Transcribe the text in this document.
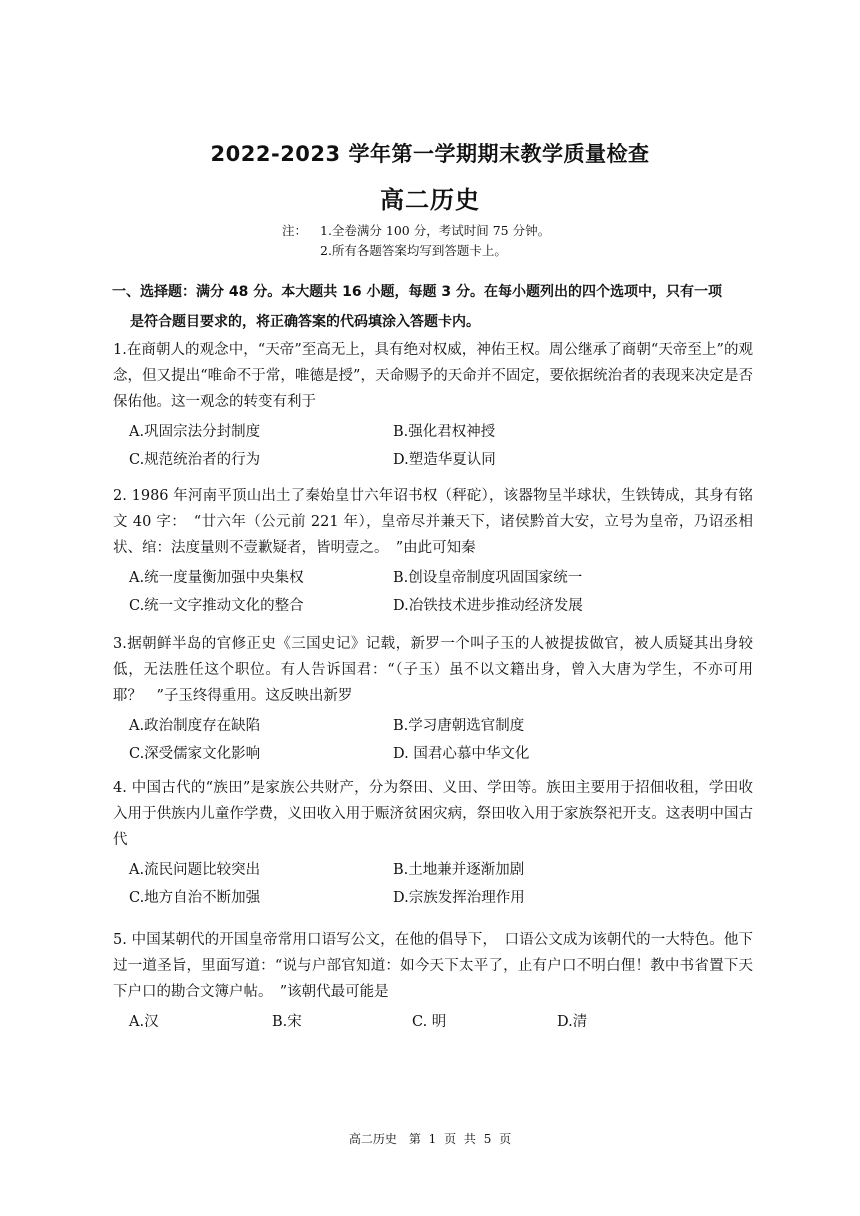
2022-2023 学年第一学期期末教学质量检查
高二历史
注： 1.全卷满分 100 分，考试时间 75 分钟。
2.所有各题答案均写到答题卡上。
一、选择题：满分 48 分。本大题共 16 小题，每题 3 分。在每小题列出的四个选项中，只有一项
是符合题目要求的，将正确答案的代码填涂入答题卡内。

1.在商朝人的观念中，“天帝”至高无上，具有绝对权威，神佑王权。周公继承了商朝“天帝至上”的观念，但又提出“唯命不于常，唯德是授”，天命赐予的天命并不固定，要依据统治者的表现来决定是否保佑他。这一观念的转变有利于

A.巩固宗法分封制度	B.强化君权神授
C.规范统治者的行为	D.塑造华夏认同

2. 1986 年河南平顶山出土了秦始皇廿六年诏书权（秤砣），该器物呈半球状，生铁铸成，其身有铭文 40 字：　“廿六年（公元前 221 年），皇帝尽并兼天下，诸侯黔首大安，立号为皇帝，乃诏丞相状、绾：法度量则不壹歉疑者，皆明壹之。　”由此可知秦

A.统一度量衡加强中央集权	B.创设皇帝制度巩固国家统一
C.统一文字推动文化的整合	D.冶铁技术进步推动经济发展

3.据朝鲜半岛的官修正史《三国史记》记载，新罗一个叫子玉的人被提拔做官，被人质疑其出身较低，无法胜任这个职位。有人告诉国君：“（子玉）虽不以文籍出身，曾入大唐为学生，不亦可用耶？　”子玉终得重用。这反映出新罗

A.政治制度存在缺陷	B.学习唐朝选官制度
C.深受儒家文化影响	D. 国君心慕中华文化

4. 中国古代的“族田”是家族公共财产，分为祭田、义田、学田等。族田主要用于招佃收租，学田收入用于供族内儿童作学费，义田收入用于赈济贫困灾病，祭田收入用于家族祭祀开支。这表明中国古代

A.流民问题比较突出	B.土地兼并逐渐加剧
C.地方自治不断加强	D.宗族发挥治理作用

5. 中国某朝代的开国皇帝常用口语写公文，在他的倡导下，　口语公文成为该朝代的一大特色。他下过一道圣旨，里面写道：“说与户部官知道：如今天下太平了，止有户口不明白俚！教中书省置下天下户口的勘合文簿户帖。　”该朝代最可能是

A.汉	B.宋	C. 明	D.清
高二历史　第 1 页 共 5 页
